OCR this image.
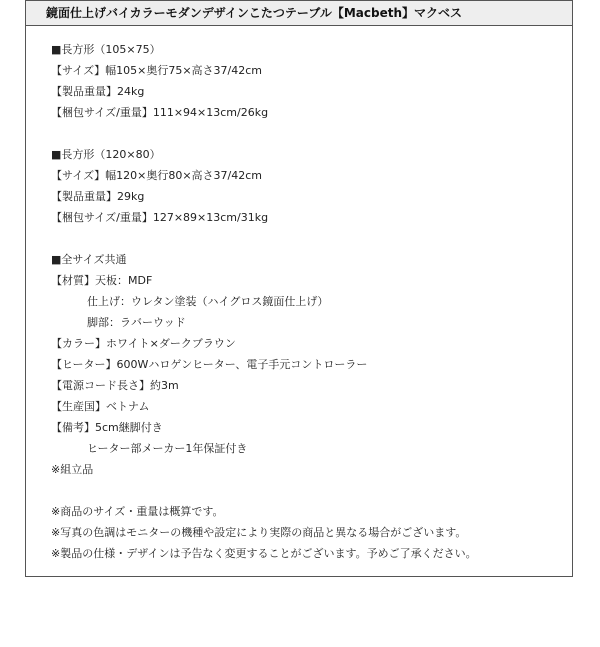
鏡面仕上げバイカラーモダンデザインこたつテーブル【Macbeth】マクベス
■長方形（105×75）
【サイズ】幅105×奥行75×高さ37/42cm
【製品重量】24kg
【梱包サイズ/重量】111×94×13cm/26kg
■長方形（120×80）
【サイズ】幅120×奥行80×高さ37/42cm
【製品重量】29kg
【梱包サイズ/重量】127×89×13cm/31kg
■全サイズ共通
【材質】天板：MDF
仕上げ：ウレタン塗装（ハイグロス鏡面仕上げ）
脚部：ラバーウッド
【カラー】ホワイト×ダークブラウン
【ヒーター】600Wハロゲンヒーター、電子手元コントローラー
【電源コード長さ】約3m
【生産国】ベトナム
【備考】5cm継脚付き
ヒーター部メーカー1年保証付き
※組立品
※商品のサイズ・重量は概算です。
※写真の色調はモニターの機種や設定により実際の商品と異なる場合がございます。
※製品の仕様・デザインは予告なく変更することがございます。予めご了承ください。
